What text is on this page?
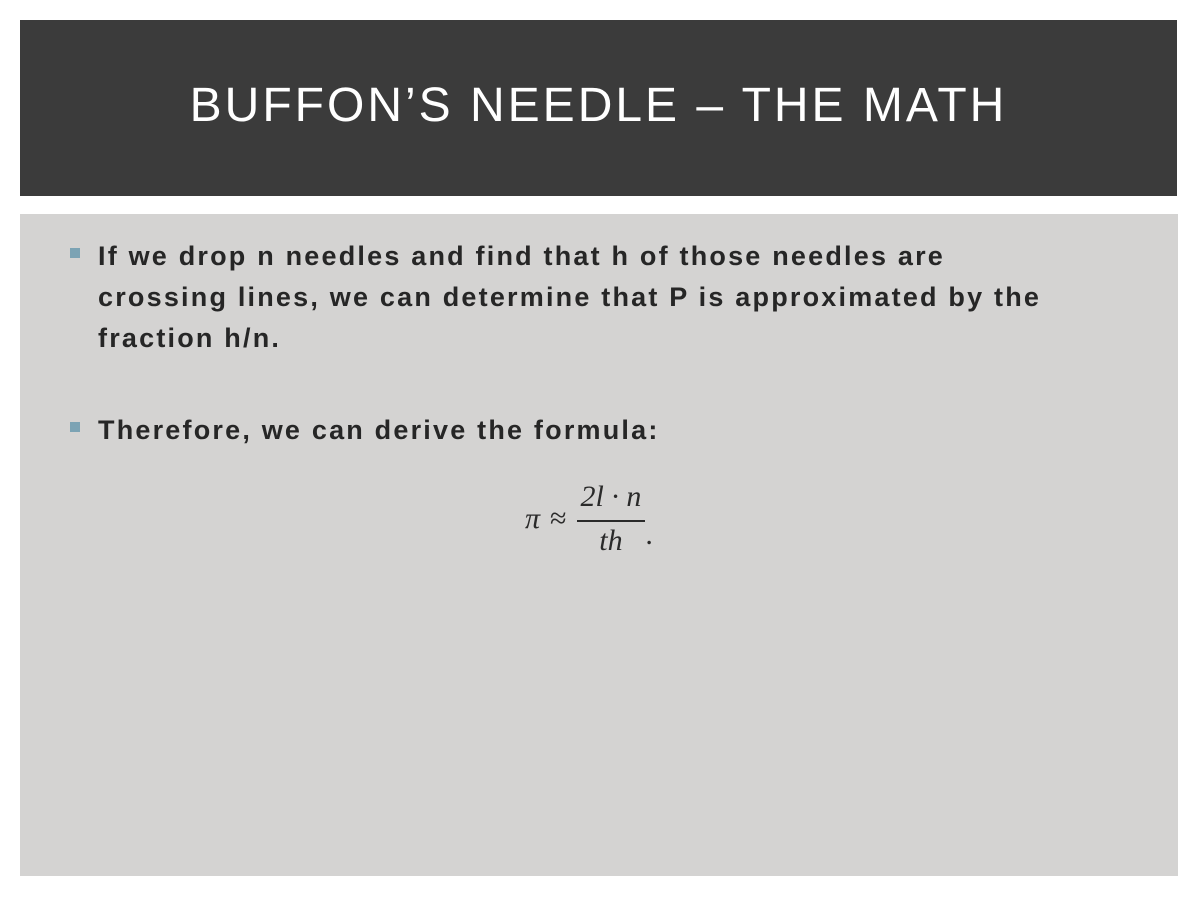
BUFFON’S NEEDLE – THE MATH
If we drop n needles and find that h of those needles are crossing lines, we can determine that P is approximated by the fraction h/n.
Therefore, we can derive the formula:
$\pi \approx \frac{2l \cdot n}{th}$ .
